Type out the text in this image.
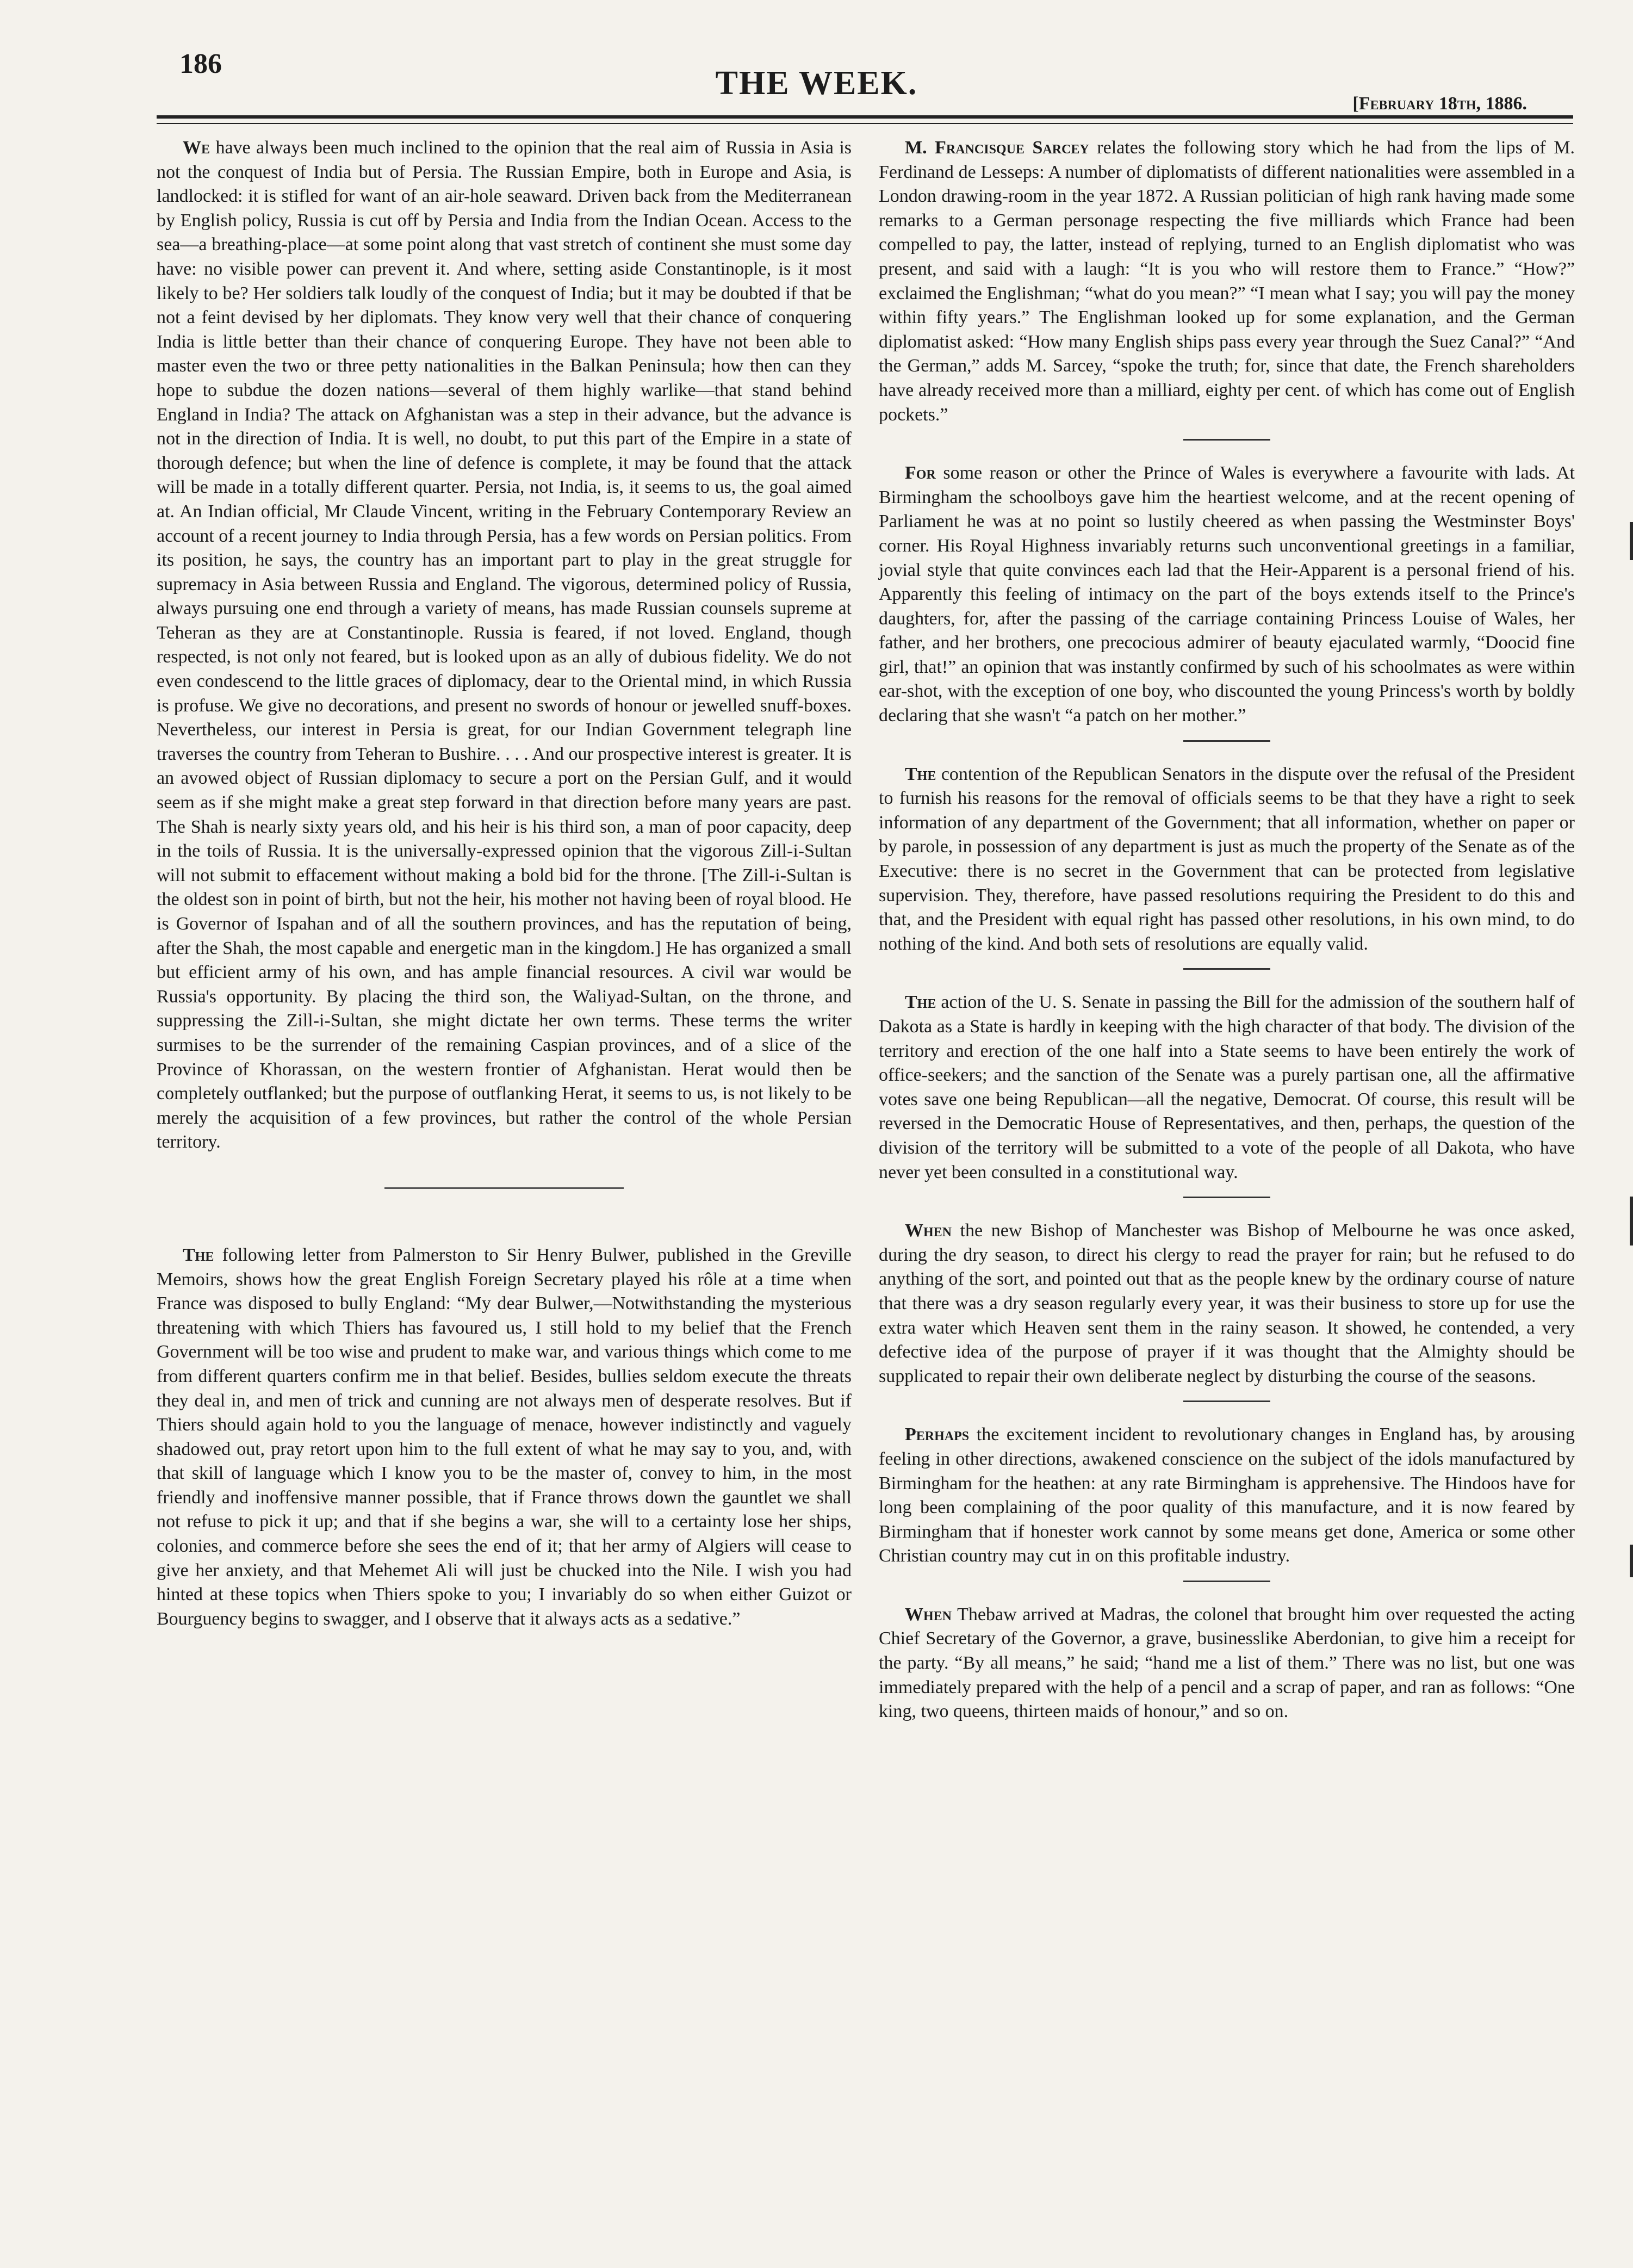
186
THE WEEK.
[February 18th, 1886.

We have always been much inclined to the opinion that the real aim of Russia in Asia is not the conquest of India but of Persia. The Russian Empire, both in Europe and Asia, is landlocked: it is stifled for want of an air-hole seaward. Driven back from the Mediterranean by English policy, Russia is cut off by Persia and India from the Indian Ocean. Access to the sea—a breathing-place—at some point along that vast stretch of continent she must some day have: no visible power can prevent it. And where, setting aside Constantinople, is it most likely to be? Her soldiers talk loudly of the conquest of India; but it may be doubted if that be not a feint devised by her diplomats. They know very well that their chance of conquering India is little better than their chance of conquering Europe. They have not been able to master even the two or three petty nationalities in the Balkan Peninsula; how then can they hope to subdue the dozen nations—several of them highly warlike—that stand behind England in India? The attack on Afghanistan was a step in their advance, but the advance is not in the direction of India. It is well, no doubt, to put this part of the Empire in a state of thorough defence; but when the line of defence is complete, it may be found that the attack will be made in a totally different quarter. Persia, not India, is, it seems to us, the goal aimed at. An Indian official, Mr Claude Vincent, writing in the February Contemporary Review an account of a recent journey to India through Persia, has a few words on Persian politics. From its position, he says, the country has an important part to play in the great struggle for supremacy in Asia between Russia and England. The vigorous, determined policy of Russia, always pursuing one end through a variety of means, has made Russian counsels supreme at Teheran as they are at Constantinople. Russia is feared, if not loved. England, though respected, is not only not feared, but is looked upon as an ally of dubious fidelity. We do not even condescend to the little graces of diplomacy, dear to the Oriental mind, in which Russia is profuse. We give no decorations, and present no swords of honour or jewelled snuff-boxes. Nevertheless, our interest in Persia is great, for our Indian Government telegraph line traverses the country from Teheran to Bushire. . . . And our prospective interest is greater. It is an avowed object of Russian diplomacy to secure a port on the Persian Gulf, and it would seem as if she might make a great step forward in that direction before many years are past. The Shah is nearly sixty years old, and his heir is his third son, a man of poor capacity, deep in the toils of Russia. It is the universally-expressed opinion that the vigorous Zill-i-Sultan will not submit to effacement without making a bold bid for the throne. [The Zill-i-Sultan is the oldest son in point of birth, but not the heir, his mother not having been of royal blood. He is Governor of Ispahan and of all the southern provinces, and has the reputation of being, after the Shah, the most capable and energetic man in the kingdom.] He has organized a small but efficient army of his own, and has ample financial resources. A civil war would be Russia's opportunity. By placing the third son, the Waliyad-Sultan, on the throne, and suppressing the Zill-i-Sultan, she might dictate her own terms. These terms the writer surmises to be the surrender of the remaining Caspian provinces, and of a slice of the Province of Khorassan, on the western frontier of Afghanistan. Herat would then be completely outflanked; but the purpose of outflanking Herat, it seems to us, is not likely to be merely the acquisition of a few provinces, but rather the control of the whole Persian territory.

The following letter from Palmerston to Sir Henry Bulwer, published in the Greville Memoirs, shows how the great English Foreign Secretary played his rôle at a time when France was disposed to bully England: “My dear Bulwer,—Notwithstanding the mysterious threatening with which Thiers has favoured us, I still hold to my belief that the French Government will be too wise and prudent to make war, and various things which come to me from different quarters confirm me in that belief. Besides, bullies seldom execute the threats they deal in, and men of trick and cunning are not always men of desperate resolves. But if Thiers should again hold to you the language of menace, however indistinctly and vaguely shadowed out, pray retort upon him to the full extent of what he may say to you, and, with that skill of language which I know you to be the master of, convey to him, in the most friendly and inoffensive manner possible, that if France throws down the gauntlet we shall not refuse to pick it up; and that if she begins a war, she will to a certainty lose her ships, colonies, and commerce before she sees the end of it; that her army of Algiers will cease to give her anxiety, and that Mehemet Ali will just be chucked into the Nile. I wish you had hinted at these topics when Thiers spoke to you; I invariably do so when either Guizot or Bourguency begins to swagger, and I observe that it always acts as a sedative.”

M. Francisque Sarcey relates the following story which he had from the lips of M. Ferdinand de Lesseps: A number of diplomatists of different nationalities were assembled in a London drawing-room in the year 1872. A Russian politician of high rank having made some remarks to a German personage respecting the five milliards which France had been compelled to pay, the latter, instead of replying, turned to an English diplomatist who was present, and said with a laugh: “It is you who will restore them to France.” “How?” exclaimed the Englishman; “what do you mean?” “I mean what I say; you will pay the money within fifty years.” The Englishman looked up for some explanation, and the German diplomatist asked: “How many English ships pass every year through the Suez Canal?” “And the German,” adds M. Sarcey, “spoke the truth; for, since that date, the French shareholders have already received more than a milliard, eighty per cent. of which has come out of English pockets.”

For some reason or other the Prince of Wales is everywhere a favourite with lads. At Birmingham the schoolboys gave him the heartiest welcome, and at the recent opening of Parliament he was at no point so lustily cheered as when passing the Westminster Boys' corner. His Royal Highness invariably returns such unconventional greetings in a familiar, jovial style that quite convinces each lad that the Heir-Apparent is a personal friend of his. Apparently this feeling of intimacy on the part of the boys extends itself to the Prince's daughters, for, after the passing of the carriage containing Princess Louise of Wales, her father, and her brothers, one precocious admirer of beauty ejaculated warmly, “Doocid fine girl, that!” an opinion that was instantly confirmed by such of his schoolmates as were within ear-shot, with the exception of one boy, who discounted the young Princess's worth by boldly declaring that she wasn't “a patch on her mother.”

The contention of the Republican Senators in the dispute over the refusal of the President to furnish his reasons for the removal of officials seems to be that they have a right to seek information of any department of the Government; that all information, whether on paper or by parole, in possession of any department is just as much the property of the Senate as of the Executive: there is no secret in the Government that can be protected from legislative supervision. They, therefore, have passed resolutions requiring the President to do this and that, and the President with equal right has passed other resolutions, in his own mind, to do nothing of the kind. And both sets of resolutions are equally valid.

The action of the U. S. Senate in passing the Bill for the admission of the southern half of Dakota as a State is hardly in keeping with the high character of that body. The division of the territory and erection of the one half into a State seems to have been entirely the work of office-seekers; and the sanction of the Senate was a purely partisan one, all the affirmative votes save one being Republican—all the negative, Democrat. Of course, this result will be reversed in the Democratic House of Representatives, and then, perhaps, the question of the division of the territory will be submitted to a vote of the people of all Dakota, who have never yet been consulted in a constitutional way.

When the new Bishop of Manchester was Bishop of Melbourne he was once asked, during the dry season, to direct his clergy to read the prayer for rain; but he refused to do anything of the sort, and pointed out that as the people knew by the ordinary course of nature that there was a dry season regularly every year, it was their business to store up for use the extra water which Heaven sent them in the rainy season. It showed, he contended, a very defective idea of the purpose of prayer if it was thought that the Almighty should be supplicated to repair their own deliberate neglect by disturbing the course of the seasons.

Perhaps the excitement incident to revolutionary changes in England has, by arousing feeling in other directions, awakened conscience on the subject of the idols manufactured by Birmingham for the heathen: at any rate Birmingham is apprehensive. The Hindoos have for long been complaining of the poor quality of this manufacture, and it is now feared by Birmingham that if honester work cannot by some means get done, America or some other Christian country may cut in on this profitable industry.

When Thebaw arrived at Madras, the colonel that brought him over requested the acting Chief Secretary of the Governor, a grave, businesslike Aberdonian, to give him a receipt for the party. “By all means,” he said; “hand me a list of them.” There was no list, but one was immediately prepared with the help of a pencil and a scrap of paper, and ran as follows: “One king, two queens, thirteen maids of honour,” and so on.
